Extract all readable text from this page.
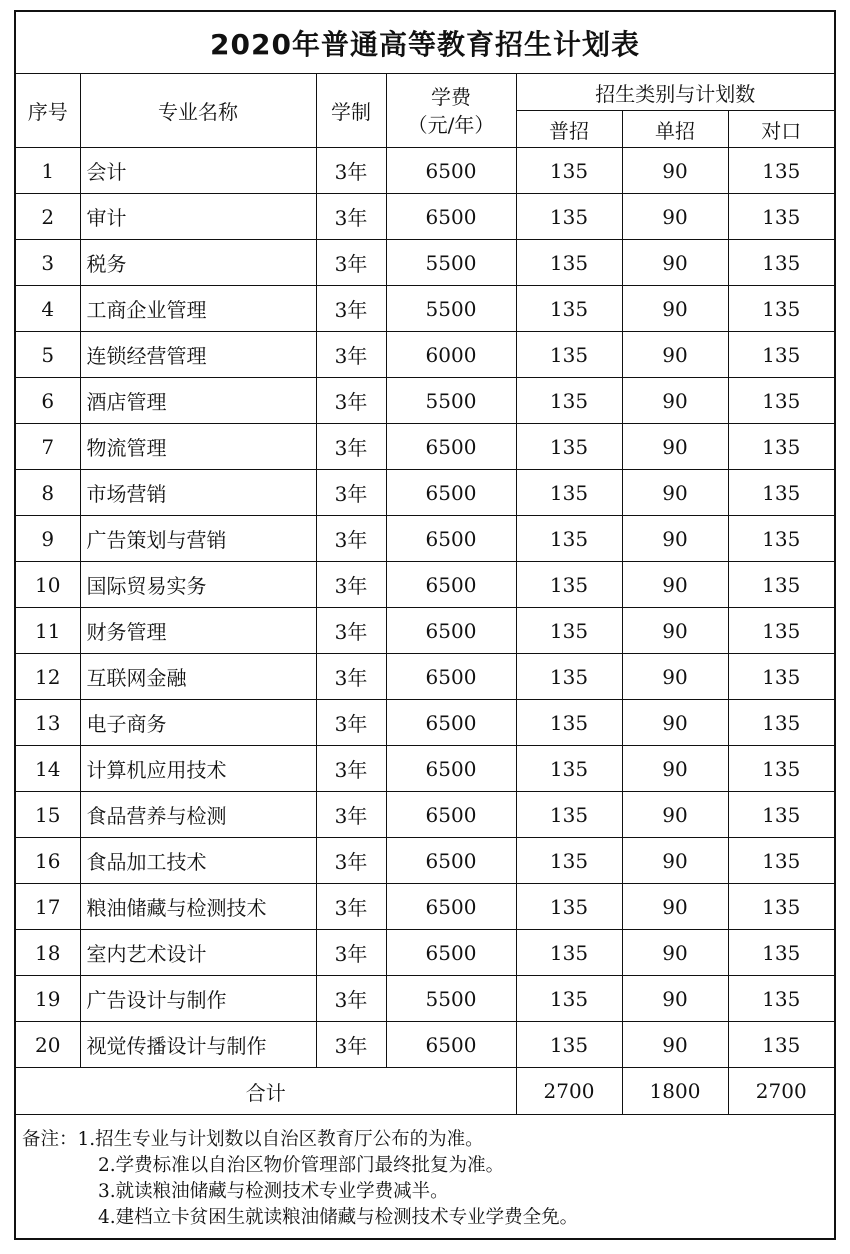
2020年普通高等教育招生计划表
序号	专业名称	学制	学费
（元/年）	招生类别与计划数		
				普招	单招	对口
1	会计	3年	6500	135	90	135
2	审计	3年	6500	135	90	135
3	税务	3年	5500	135	90	135
4	工商企业管理	3年	5500	135	90	135
5	连锁经营管理	3年	6000	135	90	135
6	酒店管理	3年	5500	135	90	135
7	物流管理	3年	6500	135	90	135
8	市场营销	3年	6500	135	90	135
9	广告策划与营销	3年	6500	135	90	135
10	国际贸易实务	3年	6500	135	90	135
11	财务管理	3年	6500	135	90	135
12	互联网金融	3年	6500	135	90	135
13	电子商务	3年	6500	135	90	135
14	计算机应用技术	3年	6500	135	90	135
15	食品营养与检测	3年	6500	135	90	135
16	食品加工技术	3年	6500	135	90	135
17	粮油储藏与检测技术	3年	6500	135	90	135
18	室内艺术设计	3年	6500	135	90	135
19	广告设计与制作	3年	5500	135	90	135
20	视觉传播设计与制作	3年	6500	135	90	135
合计				2700	1800	2700
备注：1.招生专业与计划数以自治区教育厅公布的为准。
2.学费标准以自治区物价管理部门最终批复为准。
3.就读粮油储藏与检测技术专业学费减半。
4.建档立卡贫困生就读粮油储藏与检测技术专业学费全免。
